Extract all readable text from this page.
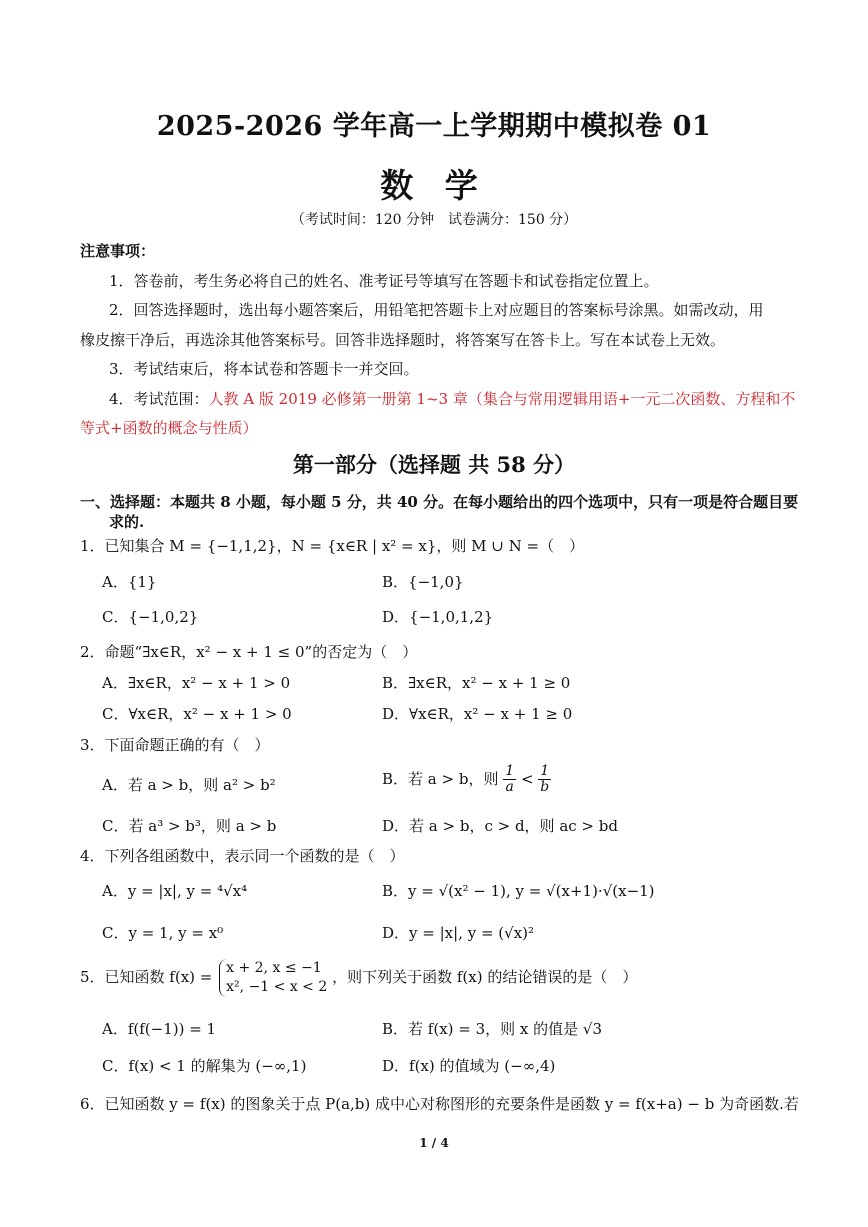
2025-2026 学年高一上学期期中模拟卷 01
数 学
（考试时间：120 分钟　试卷满分：150 分）
注意事项：
1．答卷前，考生务必将自己的姓名、准考证号等填写在答题卡和试卷指定位置上。
2．回答选择题时，选出每小题答案后，用铅笔把答题卡上对应题目的答案标号涂黑。如需改动，用
橡皮擦干净后，再选涂其他答案标号。回答非选择题时，将答案写在答卡上。写在本试卷上无效。
3．考试结束后，将本试卷和答题卡一并交回。
4．考试范围：人教 A 版 2019 必修第一册第 1~3 章（集合与常用逻辑用语+一元二次函数、方程和不
等式+函数的概念与性质）
第一部分（选择题 共 58 分）
一、选择题：本题共 8 小题，每小题 5 分，共 40 分。在每小题给出的四个选项中，只有一项是符合题目要
求的.
1．已知集合 M = {−1,1,2}，N = {x∈R | x² = x}，则 M ∪ N =（　）
A．{1}	B．{−1,0}
C．{−1,0,2}	D．{−1,0,1,2}
2．命题“∃x∈R，x² − x + 1 ≤ 0”的否定为（　）
A．∃x∈R，x² − x + 1 > 0	B．∃x∈R，x² − x + 1 ≥ 0
C．∀x∈R，x² − x + 1 > 0	D．∀x∈R，x² − x + 1 ≥ 0
3．下面命题正确的有（　）
A．若 a > b，则 a² > b²	B．若 a > b，则 $\frac{1}{a} < \frac{1}{b}$
C．若 a³ > b³，则 a > b	D．若 a > b，c > d，则 ac > bd
4．下列各组函数中，表示同一个函数的是（　）
A．y = |x|, y = ⁴√x⁴	B．y = √(x² − 1), y = √(x+1)·√(x−1)
C．y = 1, y = x⁰	D．y = |x|, y = (√x)²
5．已知函数 f(x) = x + 2, x ≤ −1
x², −1 < x < 2
，则下列关于函数 f(x) 的结论错误的是（　）
A．f(f(−1)) = 1	B．若 f(x) = 3，则 x 的值是 √3
C．f(x) < 1 的解集为 (−∞,1)	D．f(x) 的值域为 (−∞,4)
6．已知函数 y = f(x) 的图象关于点 P(a,b) 成中心对称图形的充要条件是函数 y = f(x+a) − b 为奇函数.若
1 / 4
